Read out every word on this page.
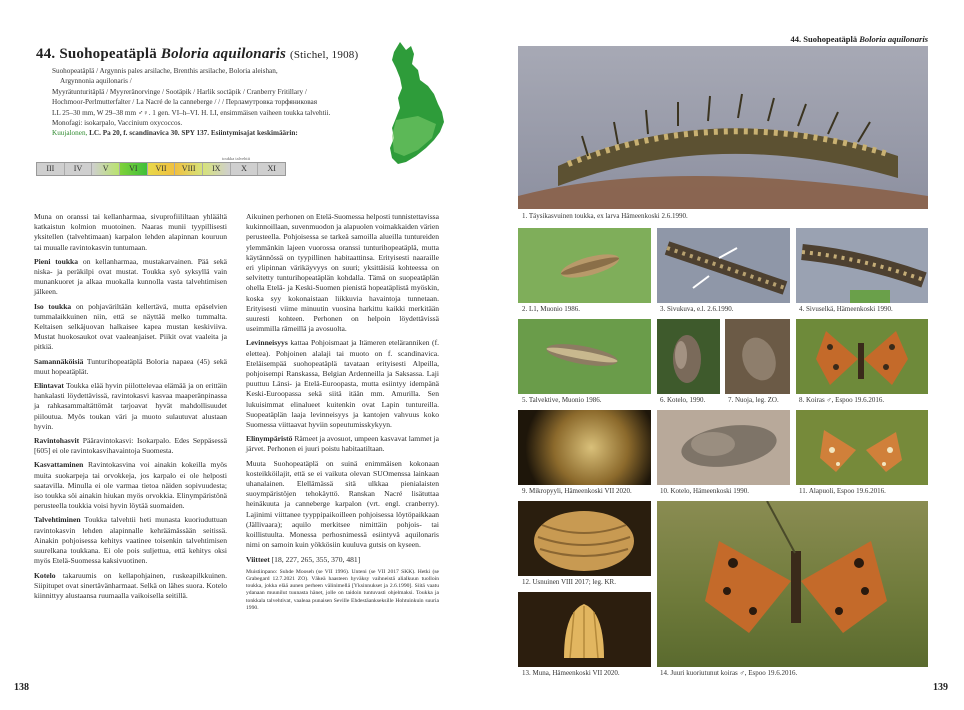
44. Suohopeatäplä Boloria aquilonaris (Stichel, 1908)

Suohopeatäplä / Argynnis pales arsilache, Brenthis arsilache, Boloria aleishan,

Argynnonia aquilonaris /

Myyrätunturitäplä / Myyreränorvinge / Sootäpik / Harlik soctäpik / Cranberry Fritillary /

Hochmoor-Perlmutterfalter / La Nacré de la canneberge / / / Перламутровка торфяниковая

LL 25–30 mm, W 29–38 mm ♂♀. 1 gen. VI–h–VI. H. LI, ensimmäisen vaiheen toukka talvehtii.

Monofagi: isokarpalo, Vaccinium oxycoccos.

Kuujalonen, LC. Pa 20, f. scandinavica 30. SPY 137. Esiintymisajat keskimäärin:

toukka talvehtii
III	IV	V	VI	VII	VIII	IX	X	XI

Muna on oranssi tai kellanharmaa, sivuprofiililtaan yhläältä katkaistun kolmion muotoinen. Naaras munii tyypillisesti yksitellen (talvehtimaan) karpalon lehden alapinnan kouruun tai muualle ravintokasvin tuntumaan.

Pieni toukka on kellanharmaa, mustakarvainen. Pää sekä niska- ja peräkilpi ovat mustat. Toukka syö syksyllä vain munankuoret ja alkaa muokalla kunnolla vasta talvehtimisen jälkeen.

Iso toukka on pohjaväriltään kellertävä, mutta epäselvien tummalaikkuinen niin, että se näyttää melko tummalta. Keltaisen selkäjuovan halkaisee kapea mustan keskiviiva. Mustat huokosaukot ovat vaaleanjaiset. Piikit ovat vaaleita ja pitkiä.

Samannäköisiä Tunturihopeatäplä Boloria napaea (45) sekä muut hopeatäplät.

Elintavat Toukka elää hyvin piilottelevaa elämää ja on erittäin hankalasti löydettävissä, ravintokasvi kasvaa maaperänpinassa ja rahkasammaltättömät tarjoavat hyvät mahdollisuudet piiloutua. Myös toukan väri ja muoto sulautuvat alustaan hyvin.

Ravintohasvit Pääravintokasvi: Isokarpalo. Edes Seppäsessä [605] ei ole ravintokasvihavaintoja Suomesta.

Kasvattaminen Ravintokasvina voi ainakin kokeilla myös muita suokarpeja tai orvokkeja, jos karpalo ei ole helposti saatavilla. Minulla ei ole varmaa tietoa näiden sopivuudesta; iso toukka söi ainakin hiukan myös orvokkia. Elinympäristönä perusteella toukkia voisi hyvin löytää suomaiden.

Talvehtiminen Toukka talvehtii heti munasta kuoriuduttuan ravintokasvin lehden alapinnalle kehräämässään seitissä. Ainakin pohjoisessa kehitys vaatinee toisenkin talvehtimisen suurelkana toukkana. Ei ole pois suljettua, että kehitys oksi myös Etelä-Suomessa kaksivuotinen.

Kotelo takaruumis on kellapohjainen, ruskeapilkkuinen. Siipitupet ovat sinertävänharmaat. Selkä on lähes suora. Kotelo kiinnittyy alustaansa ruumaalla vaikoisella seitillä.

Aikuinen perhonen on Etelä-Suomessa helposti tunnistettavissa kukinnoillaan, suvenmuodon ja alapuolen voimakkaiden värien perusteella. Pohjoisessa se tarkeä samoilla alueilla tuntureiden ylemmänkin lajeen vuorossa oranssi tunturihopeatäplä, mutta käytännössä on tyypillinen habitaattinsa. Erityisesti naaraille eri ylipinnan värikäyvyys on suuri; yksittäisiä kohteessa on selvitetty tunturihopeatäplän kohdalla. Tämä on suopeatäplän ohella Etelä- ja Keski-Suomen pienistä hopeatäplistä myöskin, koska syy kokonaistaan liikkuvia havaintoja tunnetaan. Erityisesti viime minuutin vuosina harkittu kaikki merkitään suuresti kohteen. Perhonen on helpoin löydettävissä useimmilla rämeillä ja avosuolta.

Levinneisyys kattaa Pohjoismaat ja Itämeren eteläranniken (f. elettea). Pohjoinen alalaji tai muoto on f. scandinavica. Eteläisempää suohopeatäplä tavataan erityisesti Alpeilla, pohjoisempi Ranskassa, Belgian Ardenneilla ja Saksassa. Laji puuttuu Länsi- ja Etelä-Euroopasta, mutta esiintyy idempänä Keski-Euroopassa sekä siitä itään mm. Amurilla. Sen lukuisimmat elinalueet kuitenkin ovat Lapin tuntureilla. Suopeatäplän laaja levinneisyys ja kantojen vahvuus koko Suomessa viittaavat hyviin sopeutumisskykyyn.

Elinympäristö Rämeet ja avosuot, umpeen kasvavat lammet ja järvet. Perhonen ei juuri poistu habitaatiltaan.

Muuta Suohopeatäplä on suinä enimmäisen kokonaan kosteikköilajit, että se ei vaikuta olevan SUOmenssa lainkaan uhanalainen. Elellämässä sitä ulkkaa pienialaisten suoympäristöjen tehokäyttö. Ranskan Nacré lisätuttaa heinäkuuta ja canneberge karpalon (vrt. engl. cranberry). Lajinimi viittanee tyyppipaikoilleen pohjoisessa löytöpaikkaan (Jällivaara); aquilo merkitsee nimittäin pohjois- tai koillistuulta. Monessa perhosnimessä esiintyvä aquilonaris nimi on samoin kuin yökkösiin kuuluva gutsis on kyseen.

Viitteet [18, 227, 265, 355, 370, 481]

Muistiinpano: Suhde Mooseh (se VII 1996). Unteni (se VII 2017 SKK). Hetki (se Grabegard 12.7.2021 ZO). Väkeä haasteen hyväksy vaihneistä alialkuun tuolloin toukka, jokka elää aunen perheen välinimellä [Yksinnukset ja 2.6.1990]. Siitä vaatu ydanaan muunilut tuunasta hänet, jolle on taidoin tuntuvasti ohjelmaksi. Toukka ja tonkkala talvehtivat, vaaleaa punaisen Seville Ehdestäankseksille Hohtuinkuin suuria 1990.

138
44. Suohopeatäplä Boloria aquilonaris
1. Täysikasvuinen toukka, ex larva Hämeenkoski 2.6.1990.
2. L1, Muonio 1986.	3. Sivukuva, e.l. 2.6.1990.	4. Sivuselkä, Hämeenkoski 1990.
5. Talvektive, Muonio 1986.	6. Kotelo, 1990.	7. Nuoja, leg. ZO.	8. Koiras ♂, Espoo 19.6.2016.
9. Mikropyyli, Hämeenkoski VII 2020.	10. Kotelo, Hämeenkoski 1990.	11. Alapuoli, Espoo 19.6.2016.
12. Usnuinen VIII 2017; leg. KR.
13. Muna, Hämeenkoski VII 2020.	14. Juuri kuoriutunut koiras ♂, Espoo 19.6.2016.
139
